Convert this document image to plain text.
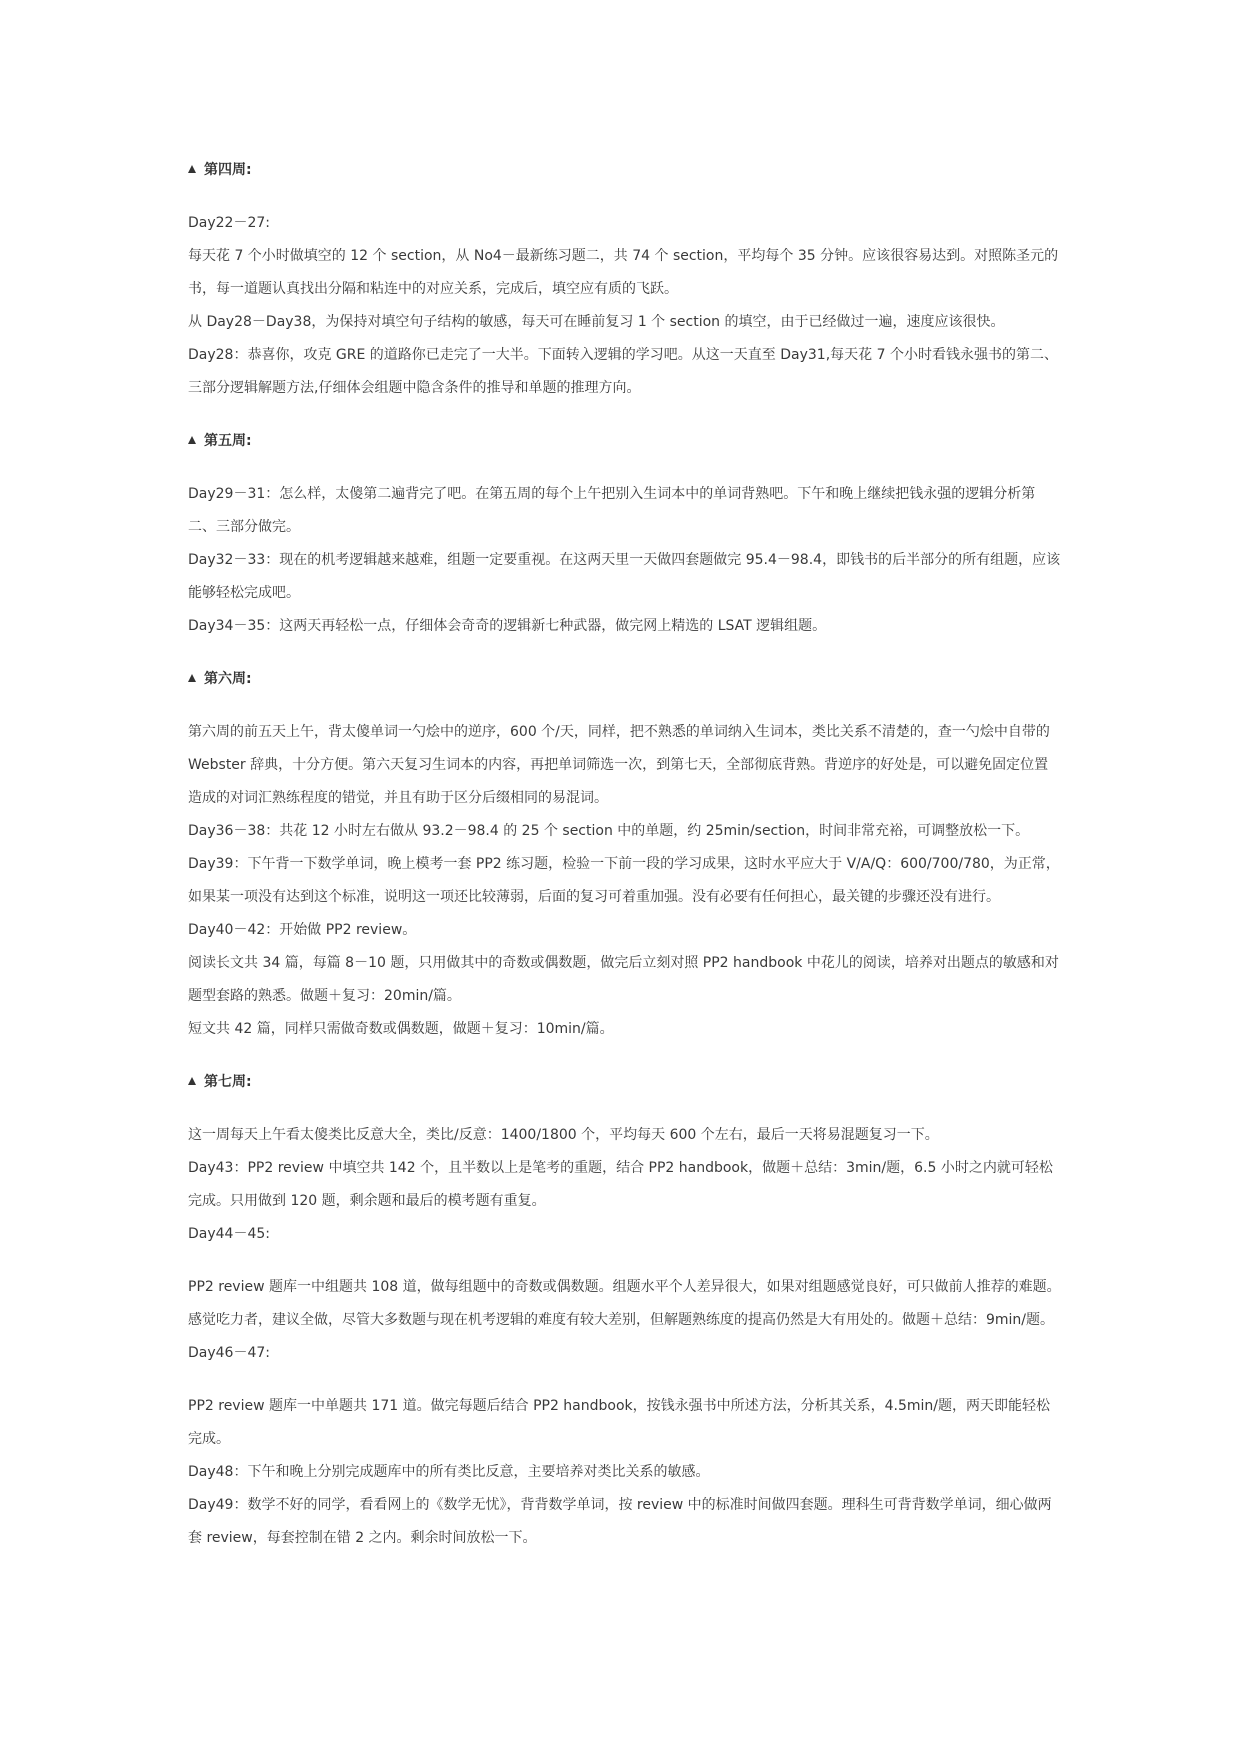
第四周:

Day22－27:

每天花 7 个小时做填空的 12 个 section，从 No4－最新练习题二，共 74 个 section，平均每个 35 分钟。应该很容易达到。对照陈圣元的书，每一道题认真找出分隔和粘连中的对应关系，完成后，填空应有质的飞跃。

从 Day28－Day38，为保持对填空句子结构的敏感，每天可在睡前复习 1 个 section 的填空，由于已经做过一遍，速度应该很快。

Day28：恭喜你，攻克 GRE 的道路你已走完了一大半。下面转入逻辑的学习吧。从这一天直至 Day31,每天花 7 个小时看钱永强书的第二、三部分逻辑解题方法,仔细体会组题中隐含条件的推导和单题的推理方向。

第五周:

Day29－31：怎么样，太傻第二遍背完了吧。在第五周的每个上午把别入生词本中的单词背熟吧。下午和晚上继续把钱永强的逻辑分析第二、三部分做完。

Day32－33：现在的机考逻辑越来越难，组题一定要重视。在这两天里一天做四套题做完 95.4－98.4，即钱书的后半部分的所有组题，应该能够轻松完成吧。

Day34－35：这两天再轻松一点，仔细体会奇奇的逻辑新七种武器，做完网上精选的 LSAT 逻辑组题。

第六周:

第六周的前五天上午，背太傻单词一勺烩中的逆序，600 个/天，同样，把不熟悉的单词纳入生词本，类比关系不清楚的，查一勺烩中自带的 Webster 辞典，十分方便。第六天复习生词本的内容，再把单词筛选一次，到第七天，全部彻底背熟。背逆序的好处是，可以避免固定位置造成的对词汇熟练程度的错觉，并且有助于区分后缀相同的易混词。

Day36－38：共花 12 小时左右做从 93.2－98.4 的 25 个 section 中的单题，约 25min/section，时间非常充裕，可调整放松一下。

Day39：下午背一下数学单词，晚上模考一套 PP2 练习题，检验一下前一段的学习成果，这时水平应大于 V/A/Q：600/700/780，为正常，如果某一项没有达到这个标准，说明这一项还比较薄弱，后面的复习可着重加强。没有必要有任何担心，最关键的步骤还没有进行。

Day40－42：开始做 PP2 review。

阅读长文共 34 篇，每篇 8－10 题，只用做其中的奇数或偶数题，做完后立刻对照 PP2 handbook 中花儿的阅读，培养对出题点的敏感和对题型套路的熟悉。做题＋复习：20min/篇。

短文共 42 篇，同样只需做奇数或偶数题，做题＋复习：10min/篇。

第七周:

这一周每天上午看太傻类比反意大全，类比/反意：1400/1800 个，平均每天 600 个左右，最后一天将易混题复习一下。

Day43：PP2 review 中填空共 142 个，且半数以上是笔考的重题，结合 PP2 handbook，做题＋总结：3min/题，6.5 小时之内就可轻松完成。只用做到 120 题，剩余题和最后的模考题有重复。

Day44－45:

PP2 review 题库一中组题共 108 道，做每组题中的奇数或偶数题。组题水平个人差异很大，如果对组题感觉良好，可只做前人推荐的难题。感觉吃力者，建议全做，尽管大多数题与现在机考逻辑的难度有较大差别，但解题熟练度的提高仍然是大有用处的。做题＋总结：9min/题。

Day46－47:

PP2 review 题库一中单题共 171 道。做完每题后结合 PP2 handbook，按钱永强书中所述方法，分析其关系，4.5min/题，两天即能轻松完成。

Day48：下午和晚上分别完成题库中的所有类比反意，主要培养对类比关系的敏感。

Day49：数学不好的同学，看看网上的《数学无忧》，背背数学单词，按 review 中的标准时间做四套题。理科生可背背数学单词，细心做两套 review，每套控制在错 2 之内。剩余时间放松一下。
